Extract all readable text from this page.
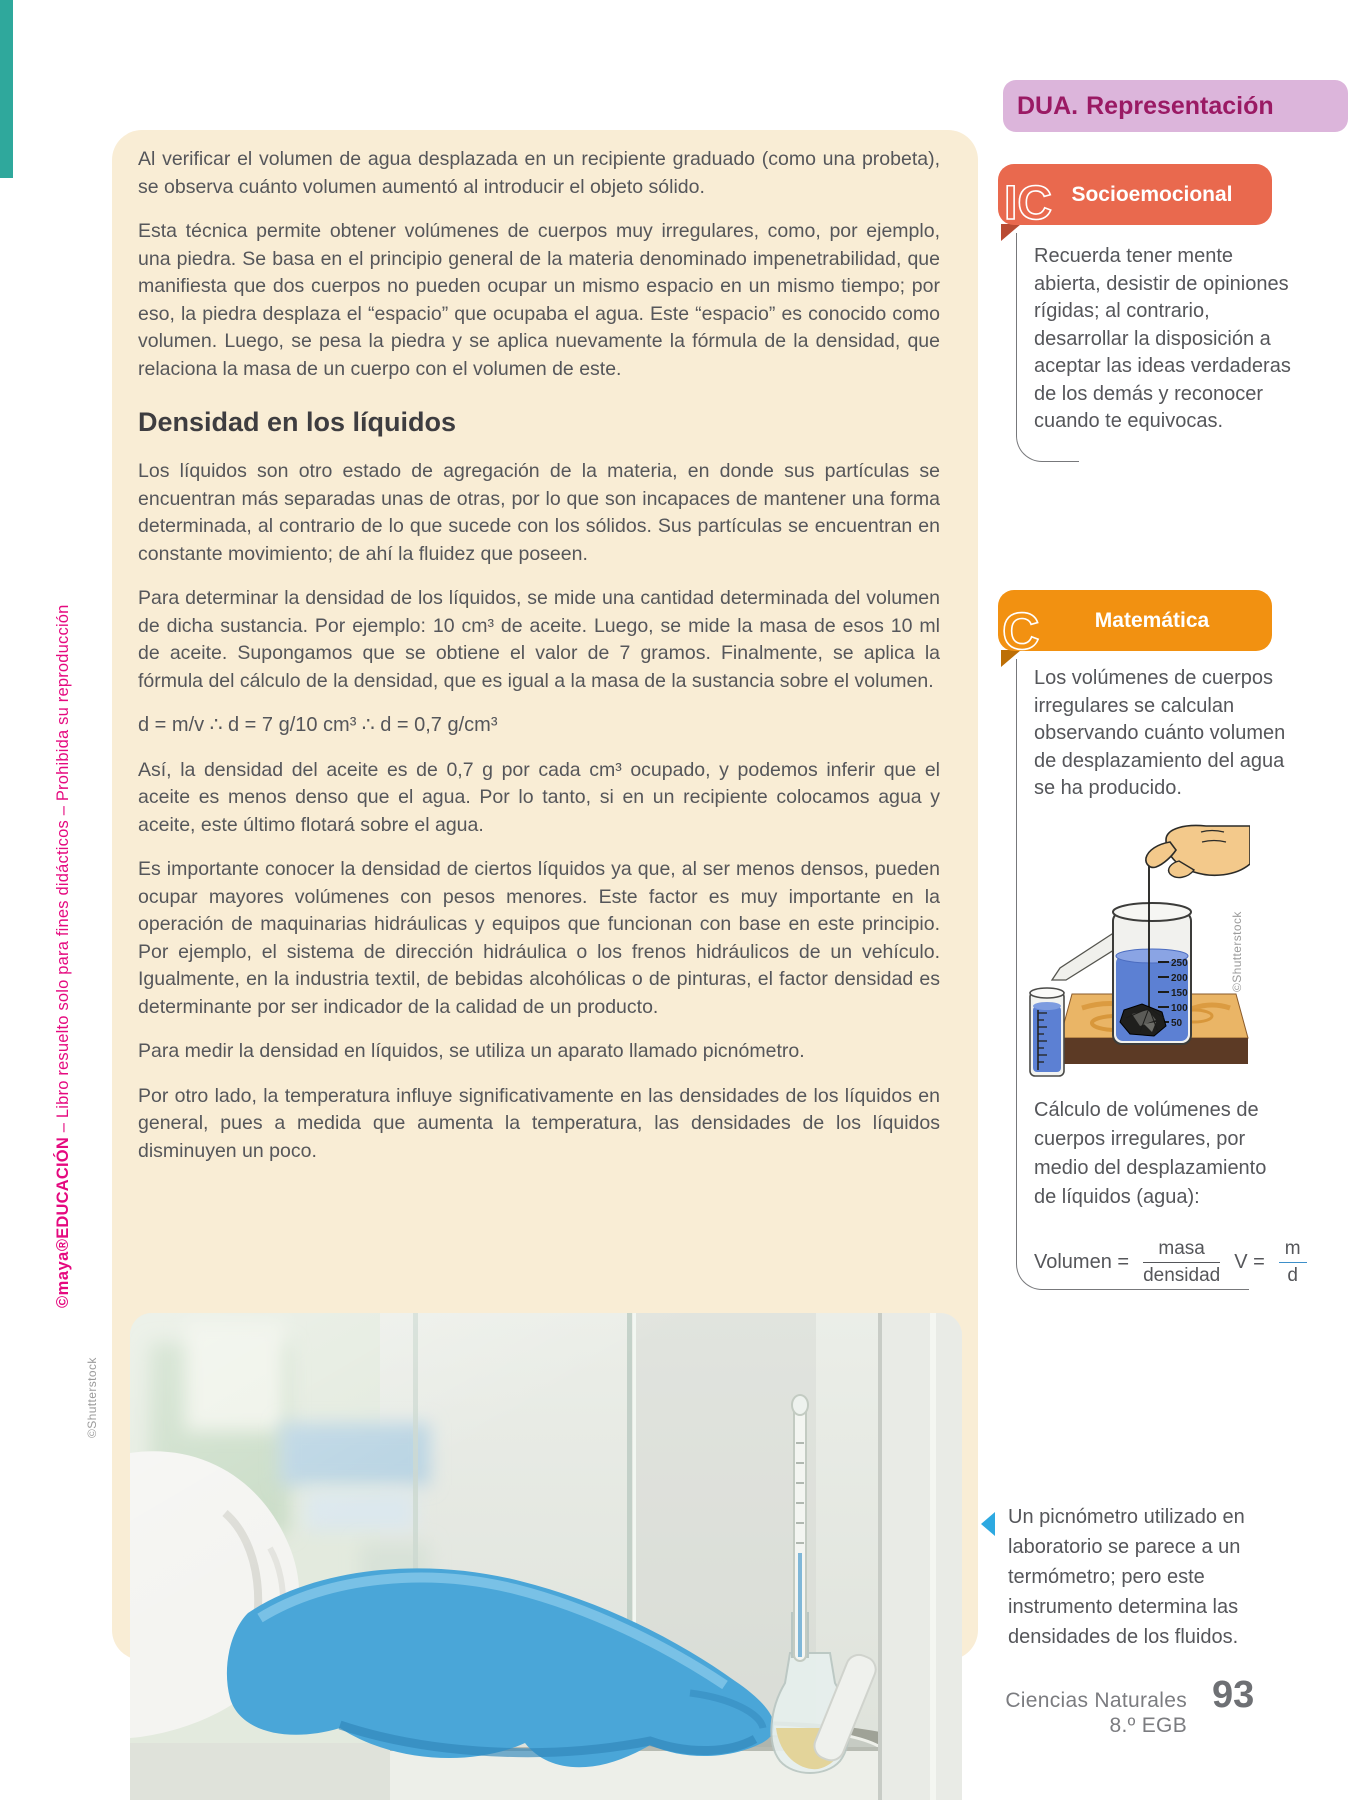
©maya®EDUCACIÓN – Libro resuelto solo para fines didácticos – Prohibida su reproducción
©Shutterstock
©Shutterstock

Al verificar el volumen de agua desplazada en un recipiente graduado (como una probeta), se observa cuánto volumen aumentó al introducir el objeto sólido.

Esta técnica permite obtener volúmenes de cuerpos muy irregulares, como, por ejemplo, una piedra. Se basa en el principio general de la materia denominado impenetrabilidad, que manifiesta que dos cuerpos no pueden ocupar un mismo espacio en un mismo tiempo; por eso, la piedra desplaza el “espacio” que ocupaba el agua. Este “espacio” es conocido como volumen. Luego, se pesa la piedra y se aplica nuevamente la fórmula de la densidad, que relaciona la masa de un cuerpo con el volumen de este.

Densidad en los líquidos

Los líquidos son otro estado de agregación de la materia, en donde sus partículas se encuentran más separadas unas de otras, por lo que son incapaces de mantener una forma determinada, al contrario de lo que sucede con los sólidos. Sus partículas se encuentran en constante movimiento; de ahí la fluidez que poseen.

Para determinar la densidad de los líquidos, se mide una cantidad determinada del volumen de dicha sustancia. Por ejemplo: 10 cm³ de aceite. Luego, se mide la masa de esos 10 ml de aceite. Supongamos que se obtiene el valor de 7 gramos. Finalmente, se aplica la fórmula del cálculo de la densidad, que es igual a la masa de la sustancia sobre el volumen.

d = m/v ∴ d = 7 g/10 cm³ ∴ d = 0,7 g/cm³

Así, la densidad del aceite es de 0,7 g por cada cm³ ocupado, y podemos inferir que el aceite es menos denso que el agua. Por lo tanto, si en un recipiente colocamos agua y aceite, este último flotará sobre el agua.

Es importante conocer la densidad de ciertos líquidos ya que, al ser menos densos, pueden ocupar mayores volúmenes con pesos menores. Este factor es muy importante en la operación de maquinarias hidráulicas y equipos que funcionan con base en este principio. Por ejemplo, el sistema de dirección hidráulica o los frenos hidráulicos de un vehículo. Igualmente, en la industria textil, de bebidas alcohólicas o de pinturas, el factor densidad es determinante por ser indicador de la calidad de un producto.

Para medir la densidad en líquidos, se utiliza un aparato llamado picnómetro.

Por otro lado, la temperatura influye significativamente en las densidades de los líquidos en general, pues a medida que aumenta la temperatura, las densidades de los líquidos disminuyen un poco.

DUA. Representación
Socioemocional
IC
Recuerda tener mente abierta, desistir de opiniones rígidas; al contrario, desarrollar la disposición a aceptar las ideas verdaderas de los demás y reconocer cuando te equivocas.
Matemática
C
Los volúmenes de cuerpos irregulares se calculan observando cuánto volumen de desplazamiento del agua se ha producido.
250
200
150
100
50
Cálculo de volúmenes de cuerpos irregulares, por medio del desplazamiento de líquidos (agua):
Volumen = $\frac{\text{masa}}{\text{densidad}}$ $V = \frac{m}{d}$
Un picnómetro utilizado en laboratorio se parece a un termómetro; pero este instrumento determina las densidades de los fluidos.
Ciencias Naturales
8.º EGB
93
